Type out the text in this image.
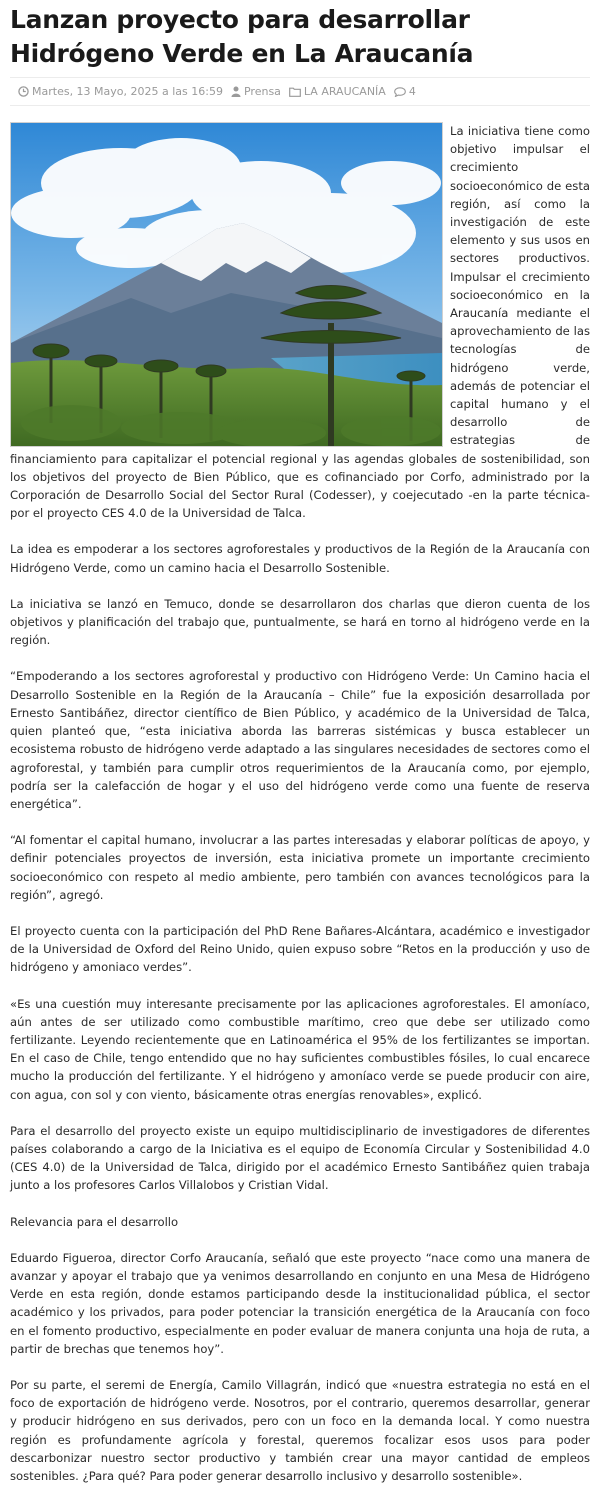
Lanzan proyecto para desarrollar Hidrógeno Verde en La Araucanía
Martes, 13 Mayo, 2025 a las 16:59 Prensa LA ARAUCANÍA 4

La iniciativa tiene como objetivo impulsar el crecimiento socioeconómico de esta región, así como la investigación de este elemento y sus usos en sectores productivos. Impulsar el crecimiento socioeconómico en la Araucanía mediante el aprovechamiento de las tecnologías de hidrógeno verde, además de potenciar el capital humano y el desarrollo de estrategias de financiamiento para capitalizar el potencial regional y las agendas globales de sostenibilidad, son los objetivos del proyecto de Bien Público, que es cofinanciado por Corfo, administrado por la Corporación de Desarrollo Social del Sector Rural (Codesser), y coejecutado -en la parte técnica- por el proyecto CES 4.0 de la Universidad de Talca.

La idea es empoderar a los sectores agroforestales y productivos de la Región de la Araucanía con Hidrógeno Verde, como un camino hacia el Desarrollo Sostenible.

La iniciativa se lanzó en Temuco, donde se desarrollaron dos charlas que dieron cuenta de los objetivos y planificación del trabajo que, puntualmente, se hará en torno al hidrógeno verde en la región.

“Empoderando a los sectores agroforestal y productivo con Hidrógeno Verde: Un Camino hacia el Desarrollo Sostenible en la Región de la Araucanía – Chile” fue la exposición desarrollada por Ernesto Santibáñez, director científico de Bien Público, y académico de la Universidad de Talca, quien planteó que, “esta iniciativa aborda las barreras sistémicas y busca establecer un ecosistema robusto de hidrógeno verde adaptado a las singulares necesidades de sectores como el agroforestal, y también para cumplir otros requerimientos de la Araucanía como, por ejemplo, podría ser la calefacción de hogar y el uso del hidrógeno verde como una fuente de reserva energética”.

“Al fomentar el capital humano, involucrar a las partes interesadas y elaborar políticas de apoyo, y definir potenciales proyectos de inversión, esta iniciativa promete un importante crecimiento socioeconómico con respeto al medio ambiente, pero también con avances tecnológicos para la región”, agregó.

El proyecto cuenta con la participación del PhD Rene Bañares-Alcántara, académico e investigador de la Universidad de Oxford del Reino Unido, quien expuso sobre “Retos en la producción y uso de hidrógeno y amoniaco verdes”.

«Es una cuestión muy interesante precisamente por las aplicaciones agroforestales. El amoníaco, aún antes de ser utilizado como combustible marítimo, creo que debe ser utilizado como fertilizante. Leyendo recientemente que en Latinoamérica el 95% de los fertilizantes se importan. En el caso de Chile, tengo entendido que no hay suficientes combustibles fósiles, lo cual encarece mucho la producción del fertilizante. Y el hidrógeno y amoníaco verde se puede producir con aire, con agua, con sol y con viento, básicamente otras energías renovables», explicó.

Para el desarrollo del proyecto existe un equipo multidisciplinario de investigadores de diferentes países colaborando a cargo de la Iniciativa es el equipo de Economía Circular y Sostenibilidad 4.0 (CES 4.0) de la Universidad de Talca, dirigido por el académico Ernesto Santibáñez quien trabaja junto a los profesores Carlos Villalobos y Cristian Vidal.

Relevancia para el desarrollo

Eduardo Figueroa, director Corfo Araucanía, señaló que este proyecto “nace como una manera de avanzar y apoyar el trabajo que ya venimos desarrollando en conjunto en una Mesa de Hidrógeno Verde en esta región, donde estamos participando desde la institucionalidad pública, el sector académico y los privados, para poder potenciar la transición energética de la Araucanía con foco en el fomento productivo, especialmente en poder evaluar de manera conjunta una hoja de ruta, a partir de brechas que tenemos hoy”.

Por su parte, el seremi de Energía, Camilo Villagrán, indicó que «nuestra estrategia no está en el foco de exportación de hidrógeno verde. Nosotros, por el contrario, queremos desarrollar, generar y producir hidrógeno en sus derivados, pero con un foco en la demanda local. Y como nuestra región es profundamente agrícola y forestal, queremos focalizar esos usos para poder descarbonizar nuestro sector productivo y también crear una mayor cantidad de empleos sostenibles. ¿Para qué? Para poder generar desarrollo inclusivo y desarrollo sostenible».
